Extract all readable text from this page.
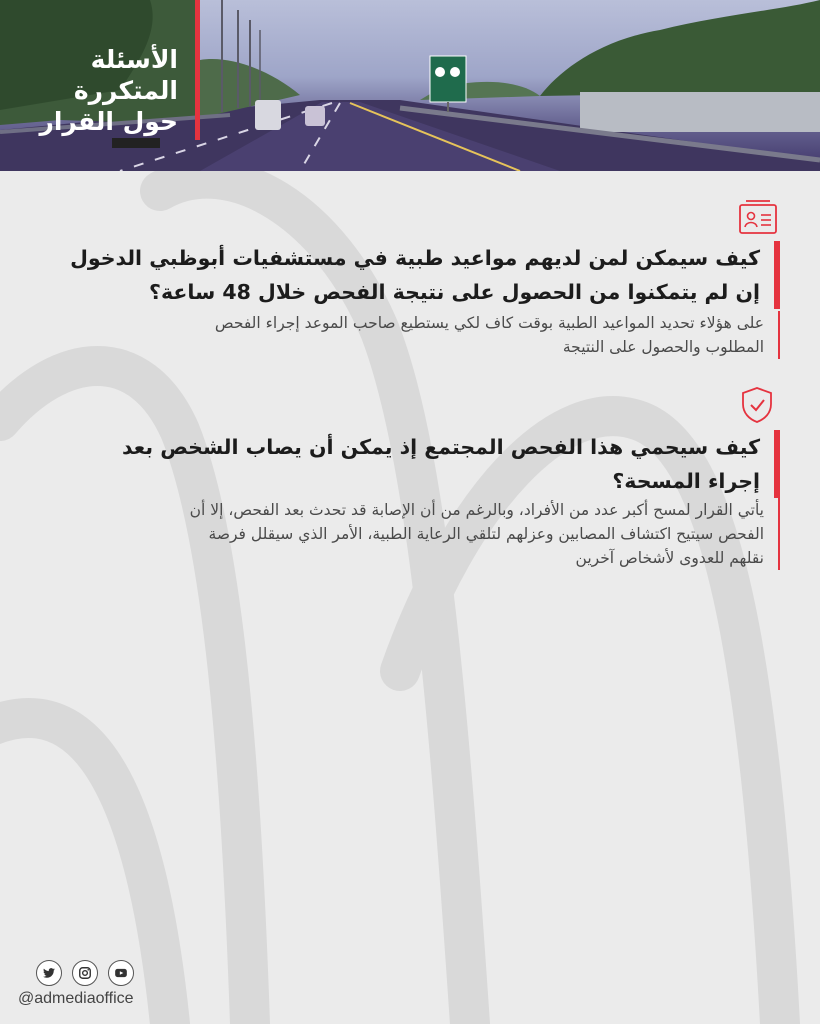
الأسئلة
المتكررة
حول القرار
كيف سيمكن لمن لديهم مواعيد طبية في مستشفيات أبوظبي الدخول
إن لم يتمكنوا من الحصول على نتيجة الفحص خلال 48 ساعة؟
على هؤلاء تحديد المواعيد الطبية بوقت كاف لكي يستطيع صاحب الموعد إجراء الفحص
المطلوب والحصول على النتيجة
كيف سيحمي هذا الفحص المجتمع إذ يمكن أن يصاب الشخص بعد
إجراء المسحة؟
يأتي القرار لمسح أكبر عدد من الأفراد، وبالرغم من أن الإصابة قد تحدث بعد الفحص، إلا أن
الفحص سيتيح اكتشاف المصابين وعزلهم لتلقي الرعاية الطبية، الأمر الذي سيقلل فرصة
نقلهم للعدوى لأشخاص آخرين
@admediaoffice
